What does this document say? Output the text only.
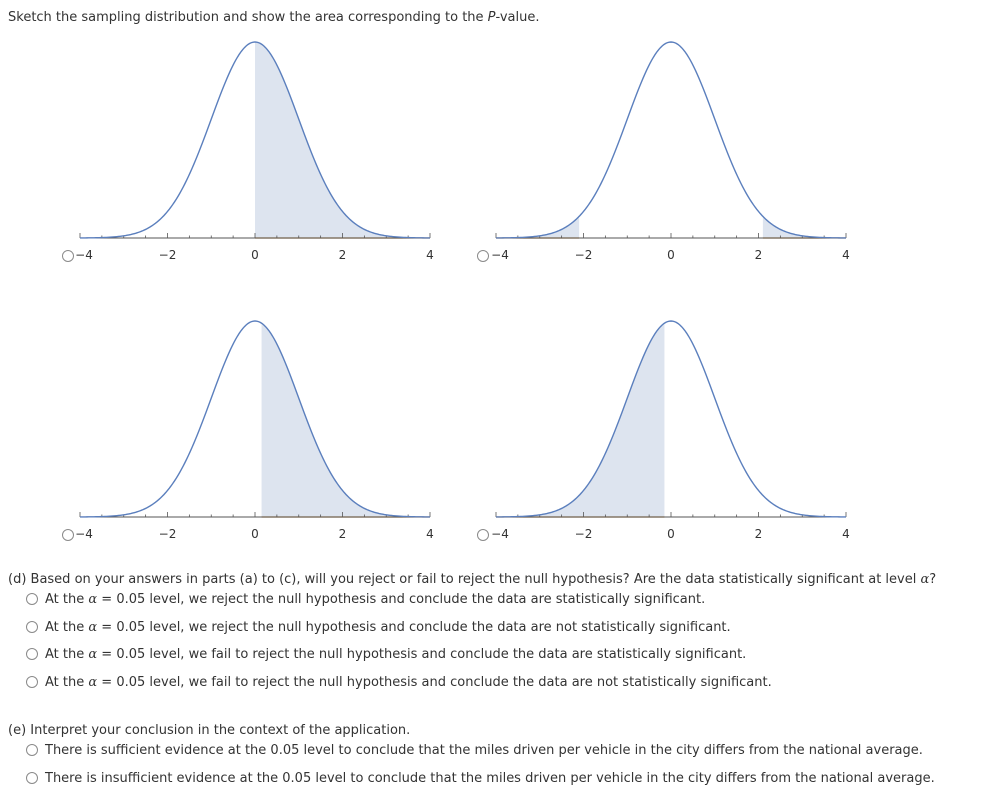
Sketch the sampling distribution and show the area corresponding to the P-value.
−4	−2	0	2	4	−4	−2	0	2	4
−4	−2	0	2	4	−4	−2	0	2	4
(d) Based on your answers in parts (a) to (c), will you reject or fail to reject the null hypothesis? Are the data statistically significant at level α?
At the α = 0.05 level, we reject the null hypothesis and conclude the data are statistically significant.
At the α = 0.05 level, we reject the null hypothesis and conclude the data are not statistically significant.
At the α = 0.05 level, we fail to reject the null hypothesis and conclude the data are statistically significant.
At the α = 0.05 level, we fail to reject the null hypothesis and conclude the data are not statistically significant.
(e) Interpret your conclusion in the context of the application.
There is sufficient evidence at the 0.05 level to conclude that the miles driven per vehicle in the city differs from the national average.
There is insufficient evidence at the 0.05 level to conclude that the miles driven per vehicle in the city differs from the national average.
